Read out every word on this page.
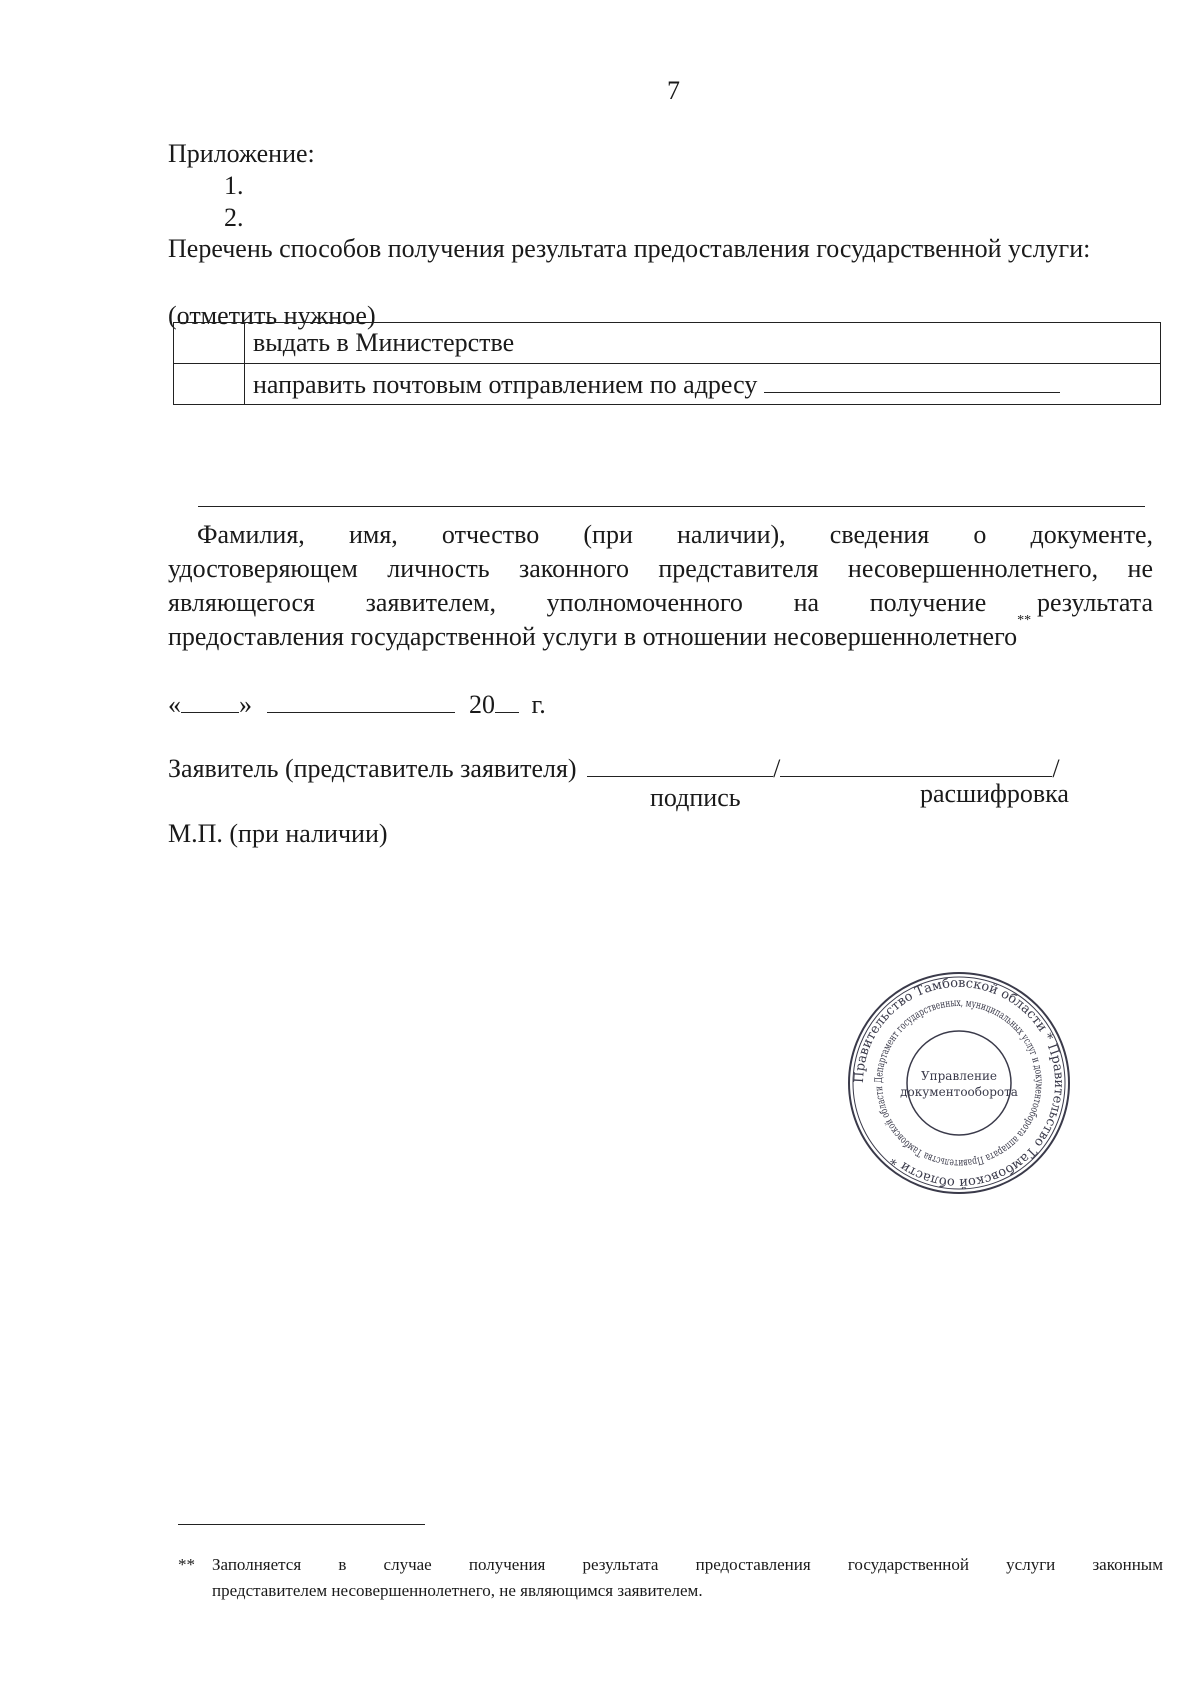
7
Приложение:
1.
2.
Перечень способов получения результата предоставления государственной услуги:
(отметить нужное)
	выдать в Министерстве
	направить почтовым отправлением по адресу
Фамилия, имя, отчество (при наличии), сведения о документе,
удостоверяющем личность законного представителя несовершеннолетнего, не
являющегося заявителем, уполномоченного на получение результата
предоставления государственной услуги в отношении несовершеннолетнего**
« »	20 г.
Заявитель (представитель заявителя)	/	/
подпись	расшифровка
М.П. (при наличии)
Правительство Тамбовской области * Правительство Тамбовской области *
Департамент государственных, муниципальных услуг и документооборота аппарата Правительства Тамбовской области
Управление
документооборота
** Заполняется в случае получения результата предоставления государственной услуги законным
представителем несовершеннолетнего, не являющимся заявителем.
